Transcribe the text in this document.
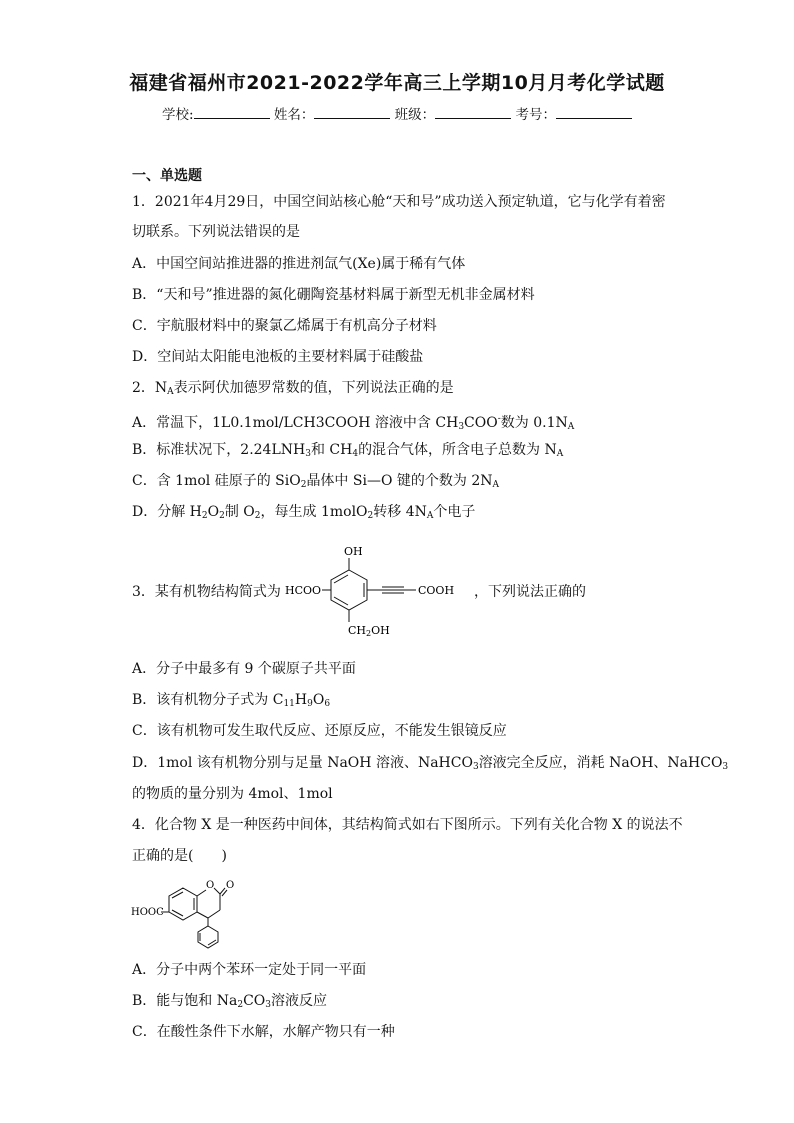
福建省福州市2021-2022学年高三上学期10月月考化学试题
学校:	姓名：	班级：	考号：
一、单选题
1．2021年4月29日，中国空间站核心舱“天和号”成功送入预定轨道，它与化学有着密
切联系。下列说法错误的是
A．中国空间站推进器的推进剂氙气(Xe)属于稀有气体
B．“天和号”推进器的氮化硼陶瓷基材料属于新型无机非金属材料
C．宇航服材料中的聚氯乙烯属于有机高分子材料
D．空间站太阳能电池板的主要材料属于硅酸盐
2．$N_A$表示阿伏加德罗常数的值，下列说法正确的是
A．常温下，1L0.1mol/LCH3COOH 溶液中含 $CH_3COO^-$数为 $0.1N_A$
B．标准状况下，$2.24LNH_3$和 $CH_4$的混合气体，所含电子总数为 $N_A$
C．含 1mol 硅原子的 SiO$_2$晶体中 Si—O 键的个数为 $2N_A$
D．分解 $H_2O_2$制 $O_2$，每生成 1molO$_2$转移 $4N_A$个电子
3．某有机物结构简式为
OH
HCOO	COOH
CH2OH
，下列说法正确的
A．分子中最多有 9 个碳原子共平面
B．该有机物分子式为 $C_{11}H_9O_6$
C．该有机物可发生取代反应、还原反应，不能发生银镜反应
D．1mol 该有机物分别与足量 NaOH 溶液、NaHCO$_3$溶液完全反应，消耗 NaOH、NaHCO$_3$
的物质的量分别为 4mol、1mol
4．化合物 X 是一种医药中间体，其结构简式如右下图所示。下列有关化合物 X 的说法不
正确的是(　　)
O O
HOOC
A．分子中两个苯环一定处于同一平面
B．能与饱和 $Na_2CO_3$溶液反应
C．在酸性条件下水解，水解产物只有一种
